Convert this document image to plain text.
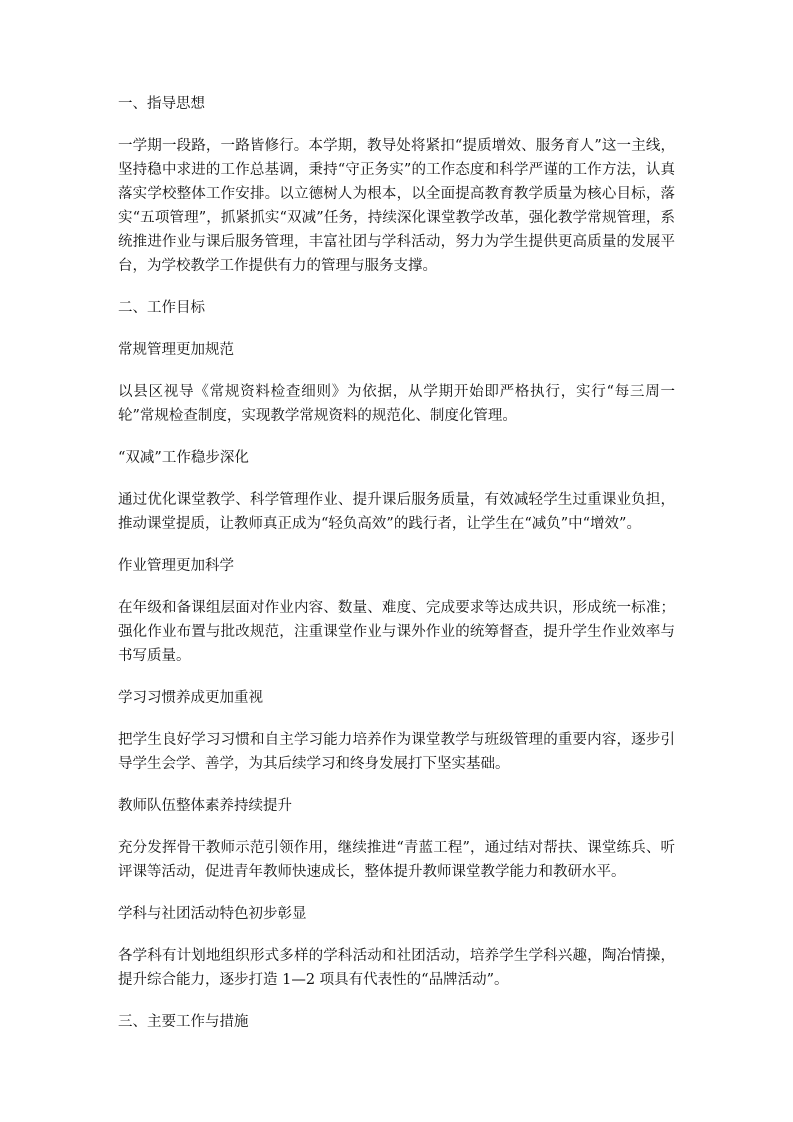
一、指导思想

一学期一段路，一路皆修行。本学期，教导处将紧扣“提质增效、服务育人”这一主线，坚持稳中求进的工作总基调，秉持“守正务实”的工作态度和科学严谨的工作方法，认真落实学校整体工作安排。以立德树人为根本，以全面提高教育教学质量为核心目标，落实“五项管理”，抓紧抓实“双减”任务，持续深化课堂教学改革，强化教学常规管理，系统推进作业与课后服务管理，丰富社团与学科活动，努力为学生提供更高质量的发展平台，为学校教学工作提供有力的管理与服务支撑。

二、工作目标
常规管理更加规范

以县区视导《常规资料检查细则》为依据，从学期开始即严格执行，实行“每三周一轮”常规检查制度，实现教学常规资料的规范化、制度化管理。

“双减”工作稳步深化

通过优化课堂教学、科学管理作业、提升课后服务质量，有效减轻学生过重课业负担，推动课堂提质，让教师真正成为“轻负高效”的践行者，让学生在“减负”中“增效”。

作业管理更加科学

在年级和备课组层面对作业内容、数量、难度、完成要求等达成共识，形成统一标准；强化作业布置与批改规范，注重课堂作业与课外作业的统筹督查，提升学生作业效率与书写质量。

学习习惯养成更加重视

把学生良好学习习惯和自主学习能力培养作为课堂教学与班级管理的重要内容，逐步引导学生会学、善学，为其后续学习和终身发展打下坚实基础。

教师队伍整体素养持续提升

充分发挥骨干教师示范引领作用，继续推进“青蓝工程”，通过结对帮扶、课堂练兵、听评课等活动，促进青年教师快速成长，整体提升教师课堂教学能力和教研水平。

学科与社团活动特色初步彰显

各学科有计划地组织形式多样的学科活动和社团活动，培养学生学科兴趣，陶冶情操，提升综合能力，逐步打造 1—2 项具有代表性的“品牌活动”。

三、主要工作与措施
